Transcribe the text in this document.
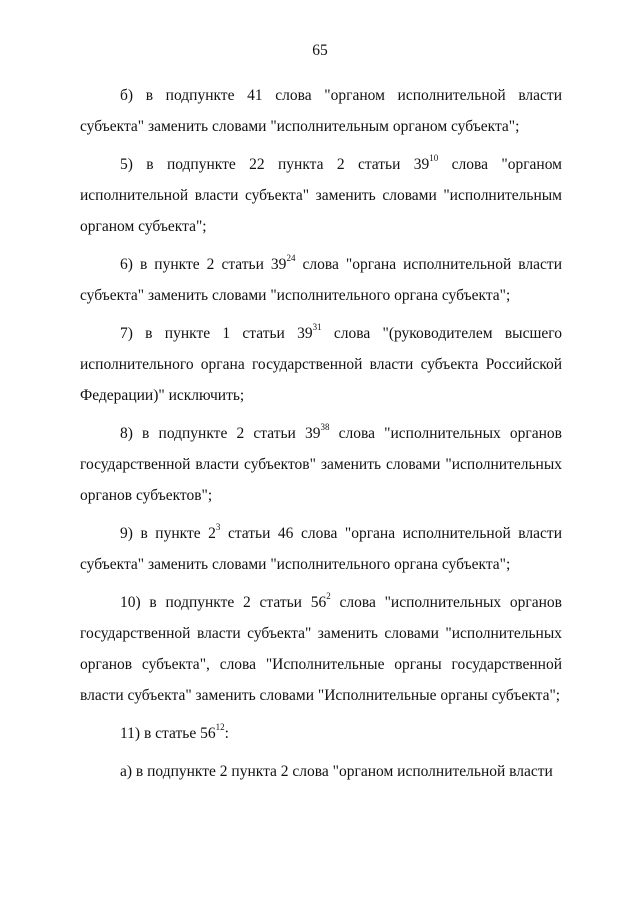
65

б) в подпункте 41 слова "органом исполнительной власти субъекта" заменить словами "исполнительным органом субъекта";

5) в подпункте 22 пункта 2 статьи $39^{10}$ слова "органом исполнительной власти субъекта" заменить словами "исполнительным органом субъекта";

6) в пункте 2 статьи $39^{24}$ слова "органа исполнительной власти субъекта" заменить словами "исполнительного органа субъекта";

7) в пункте 1 статьи $39^{31}$ слова "(руководителем высшего исполнительного органа государственной власти субъекта Российской Федерации)" исключить;

8) в подпункте 2 статьи $39^{38}$ слова "исполнительных органов государственной власти субъектов" заменить словами "исполнительных органов субъектов";

9) в пункте $2^3$ статьи 46 слова "органа исполнительной власти субъекта" заменить словами "исполнительного органа субъекта";

10) в подпункте 2 статьи $56^2$ слова "исполнительных органов государственной власти субъекта" заменить словами "исполнительных органов субъекта", слова "Исполнительные органы государственной власти субъекта" заменить словами "Исполнительные органы субъекта";

11) в статье $56^{12}$:

а) в подпункте 2 пункта 2 слова "органом исполнительной власти
